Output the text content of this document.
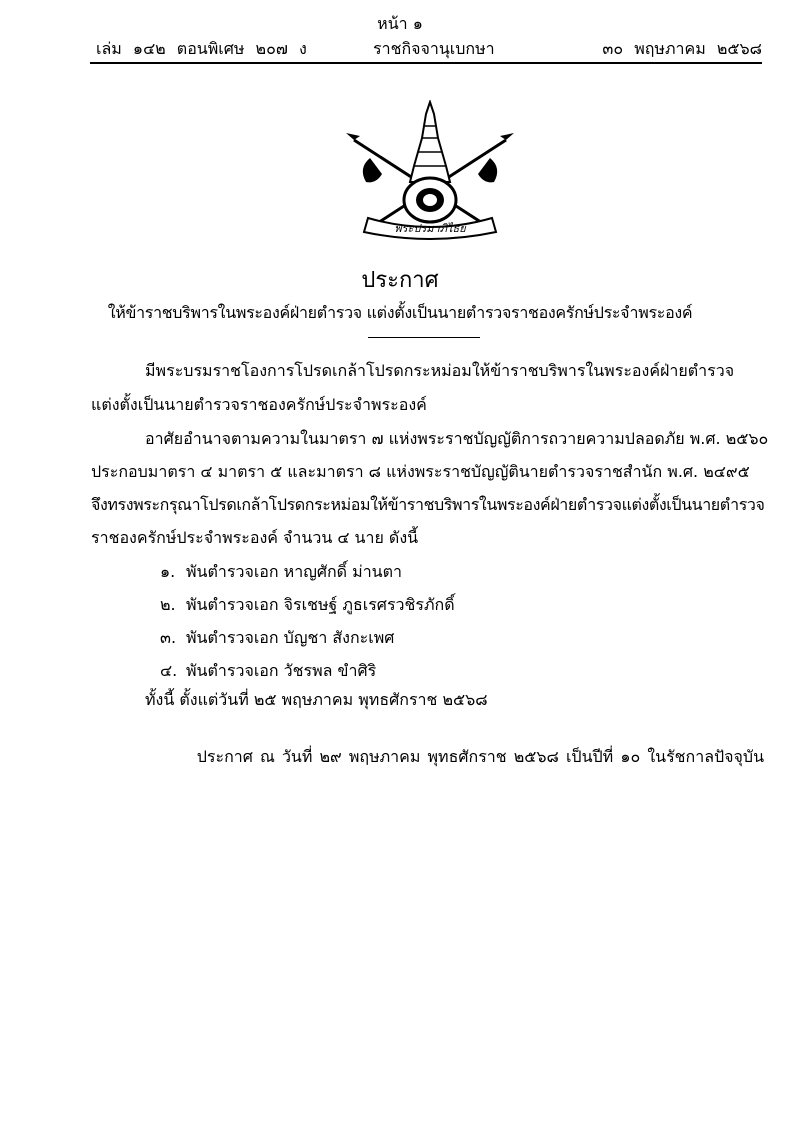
หน้า ๑
เล่ม ๑๔๒ ตอนพิเศษ ๒๐๗ ง	ราชกิจจานุเบกษา	๓๐ พฤษภาคม ๒๕๖๘
พระปรมาภิไธย
ประกาศ
ให้ข้าราชบริพารในพระองค์ฝ่ายตำรวจ แต่งตั้งเป็นนายตำรวจราชองครักษ์ประจำพระองค์
มีพระบรมราชโองการโปรดเกล้าโปรดกระหม่อมให้ข้าราชบริพารในพระองค์ฝ่ายตำรวจ
แต่งตั้งเป็นนายตำรวจราชองครักษ์ประจำพระองค์
อาศัยอำนาจตามความในมาตรา ๗ แห่งพระราชบัญญัติการถวายความปลอดภัย พ.ศ. ๒๕๖๐
ประกอบมาตรา ๔ มาตรา ๕ และมาตรา ๘ แห่งพระราชบัญญัตินายตำรวจราชสำนัก พ.ศ. ๒๔๙๕
จึงทรงพระกรุณาโปรดเกล้าโปรดกระหม่อมให้ข้าราชบริพารในพระองค์ฝ่ายตำรวจแต่งตั้งเป็นนายตำรวจ
ราชองครักษ์ประจำพระองค์ จำนวน ๔ นาย ดังนี้
๑. พันตำรวจเอก หาญศักดิ์ ม่านตา
๒. พันตำรวจเอก จิรเชษฐ์ ภูธเรศรวชิรภักดิ์
๓. พันตำรวจเอก บัญชา สังกะเพศ
๔. พันตำรวจเอก วัชรพล ขำศิริ
ทั้งนี้ ตั้งแต่วันที่ ๒๕ พฤษภาคม พุทธศักราช ๒๕๖๘
ประกาศ ณ วันที่ ๒๙ พฤษภาคม พุทธศักราช ๒๕๖๘ เป็นปีที่ ๑๐ ในรัชกาลปัจจุบัน
